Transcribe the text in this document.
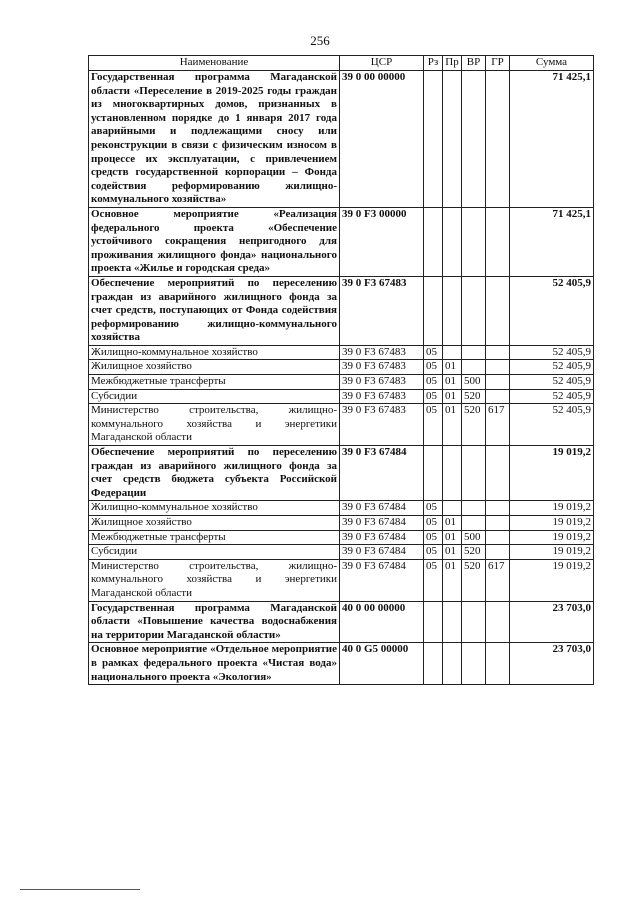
256
Наименование	ЦСР	Рз	Пр	ВР	ГР	Сумма
Государственная программа Магаданской области «Переселение в 2019-2025 годы граждан из многоквартирных домов, признанных в установленном порядке до 1 января 2017 года аварийными и подлежащими сносу или реконструкции в связи с физическим износом в процессе их эксплуатации, с привлечением средств государственной корпорации – Фонда содействия реформированию жилищно-коммунального хозяйства»	39 0 00 00000					71 425,1
Основное мероприятие «Реализация федерального проекта «Обеспечение устойчивого сокращения непригодного для проживания жилищного фонда» национального проекта «Жилье и городская среда»	39 0 F3 00000					71 425,1
Обеспечение мероприятий по переселению граждан из аварийного жилищного фонда за счет средств, поступающих от Фонда содействия реформированию жилищно-коммунального хозяйства	39 0 F3 67483					52 405,9
Жилищно-коммунальное хозяйство	39 0 F3 67483	05				52 405,9
Жилищное хозяйство	39 0 F3 67483	05	01			52 405,9
Межбюджетные трансферты	39 0 F3 67483	05	01	500		52 405,9
Субсидии	39 0 F3 67483	05	01	520		52 405,9
Министерство строительства, жилищно-коммунального хозяйства и энергетики Магаданской области	39 0 F3 67483	05	01	520	617	52 405,9
Обеспечение мероприятий по переселению граждан из аварийного жилищного фонда за счет средств бюджета субъекта Российской Федерации	39 0 F3 67484					19 019,2
Жилищно-коммунальное хозяйство	39 0 F3 67484	05				19 019,2
Жилищное хозяйство	39 0 F3 67484	05	01			19 019,2
Межбюджетные трансферты	39 0 F3 67484	05	01	500		19 019,2
Субсидии	39 0 F3 67484	05	01	520		19 019,2
Министерство строительства, жилищно-коммунального хозяйства и энергетики Магаданской области	39 0 F3 67484	05	01	520	617	19 019,2
Государственная программа Магаданской области «Повышение качества водоснабжения на территории Магаданской области»	40 0 00 00000					23 703,0
Основное мероприятие «Отдельное мероприятие в рамках федерального проекта «Чистая вода» национального проекта «Экология»	40 0 G5 00000					23 703,0
